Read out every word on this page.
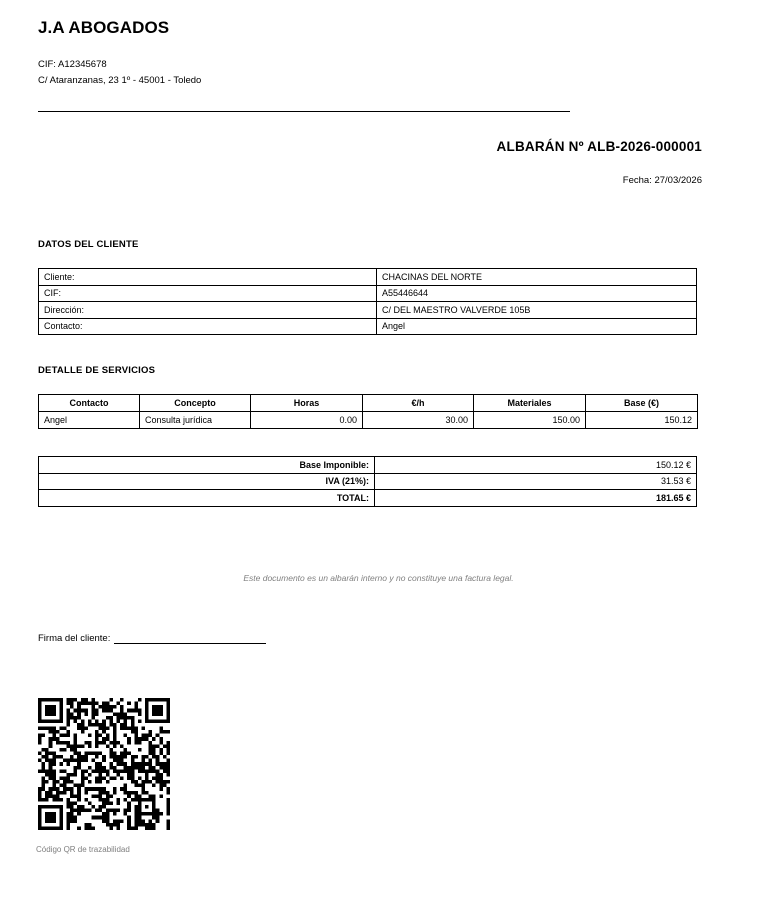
J.A ABOGADOS
CIF: A12345678
C/ Ataranzanas, 23 1º - 45001 - Toledo
ALBARÁN Nº ALB-2026-000001
Fecha: 27/03/2026
DATOS DEL CLIENTE
Cliente:	CHACINAS DEL NORTE
CIF:	A55446644
Dirección:	C/ DEL MAESTRO VALVERDE 105B
Contacto:	Angel
DETALLE DE SERVICIOS
Contacto	Concepto	Horas	€/h	Materiales	Base (€)
Angel	Consulta jurídica	0.00	30.00	150.00	150.12
Base Imponible:	150.12 €
IVA (21%):	31.53 €
TOTAL:	181.65 €
Este documento es un albarán interno y no constituye una factura legal.
Firma del cliente:
Código QR de trazabilidad
